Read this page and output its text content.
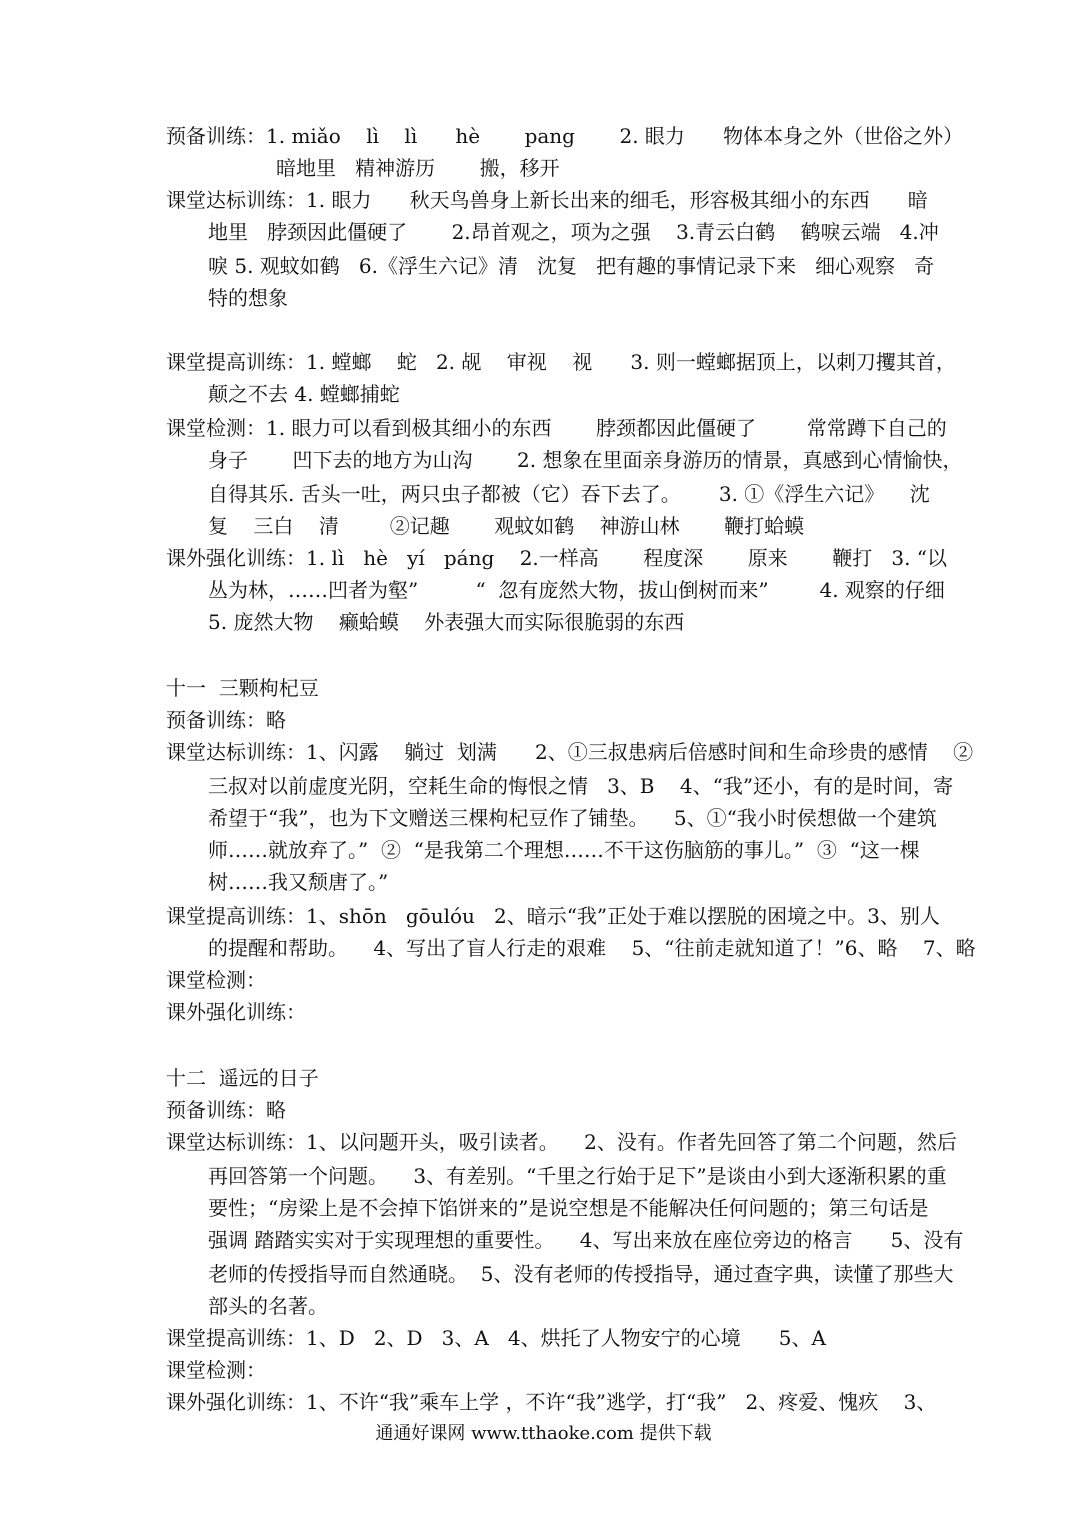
预备训练：1. miǎo    lì    lì      hè       pang       2. 眼力      物体本身之外（世俗之外）
暗地里   精神游历       搬，移开
课堂达标训练：1. 眼力      秋天鸟兽身上新长出来的细毛，形容极其细小的东西      暗
地里   脖颈因此僵硬了       2.昂首观之，项为之强    3.青云白鹤    鹤唳云端   4.冲
唳 5. 观蚊如鹤   6.《浮生六记》清   沈复   把有趣的事情记录下来   细心观察   奇
特的想象
课堂提高训练：1. 螳螂    蛇   2. 觇    审视    视      3. 则一螳螂据顶上，以刺刀攫其首，
颠之不去 4. 螳螂捕蛇
课堂检测：1. 眼力可以看到极其细小的东西       脖颈都因此僵硬了        常常蹲下自己的
身子       凹下去的地方为山沟       2. 想象在里面亲身游历的情景，真感到心情愉快，
自得其乐. 舌头一吐，两只虫子都被（它）吞下去了。      3. ①《浮生六记》    沈
复    三白    清        ②记趣       观蚊如鹤    神游山林       鞭打蛤蟆
课外强化训练：1. lì   hè   yí   páng    2.一样高       程度深       原来       鞭打   3. “以
丛为林，……凹者为壑”         “  忽有庞然大物，拔山倒树而来”        4. 观察的仔细
5. 庞然大物    癞蛤蟆    外表强大而实际很脆弱的东西
十一  三颗枸杞豆
预备训练：略
课堂达标训练：1、闪露    躺过  划满      2、①三叔患病后倍感时间和生命珍贵的感情    ②
三叔对以前虚度光阴，空耗生命的悔恨之情   3、B    4、“我”还小，有的是时间，寄
希望于“我”，也为下文赠送三棵枸杞豆作了铺垫。    5、①“我小时侯想做一个建筑
师……就放弃了。”  ②  “是我第二个理想……不干这伤脑筋的事儿。”  ③  “这一棵
树……我又颓唐了。”
课堂提高训练：1、shōn   gōulóu   2、暗示“我”正处于难以摆脱的困境之中。3、别人
的提醒和帮助。    4、写出了盲人行走的艰难    5、“往前走就知道了！”6、略    7、略
课堂检测：
课外强化训练：
十二  遥远的日子
预备训练：略
课堂达标训练：1、以问题开头，吸引读者。    2、没有。作者先回答了第二个问题，然后
再回答第一个问题。    3、有差别。“千里之行始于足下”是谈由小到大逐渐积累的重
要性；“房梁上是不会掉下馅饼来的”是说空想是不能解决任何问题的；第三句话是
强调 踏踏实实对于实现理想的重要性。    4、写出来放在座位旁边的格言      5、没有
老师的传授指导而自然通晓。  5、没有老师的传授指导，通过查字典，读懂了那些大
部头的名著。
课堂提高训练：1、D   2、D   3、A   4、烘托了人物安宁的心境      5、A
课堂检测：
课外强化训练：1、不许“我”乘车上学 ，不许“我”逃学，打“我”   2、疼爱、愧疚    3、
通通好课网 www.tthaoke.com 提供下载
